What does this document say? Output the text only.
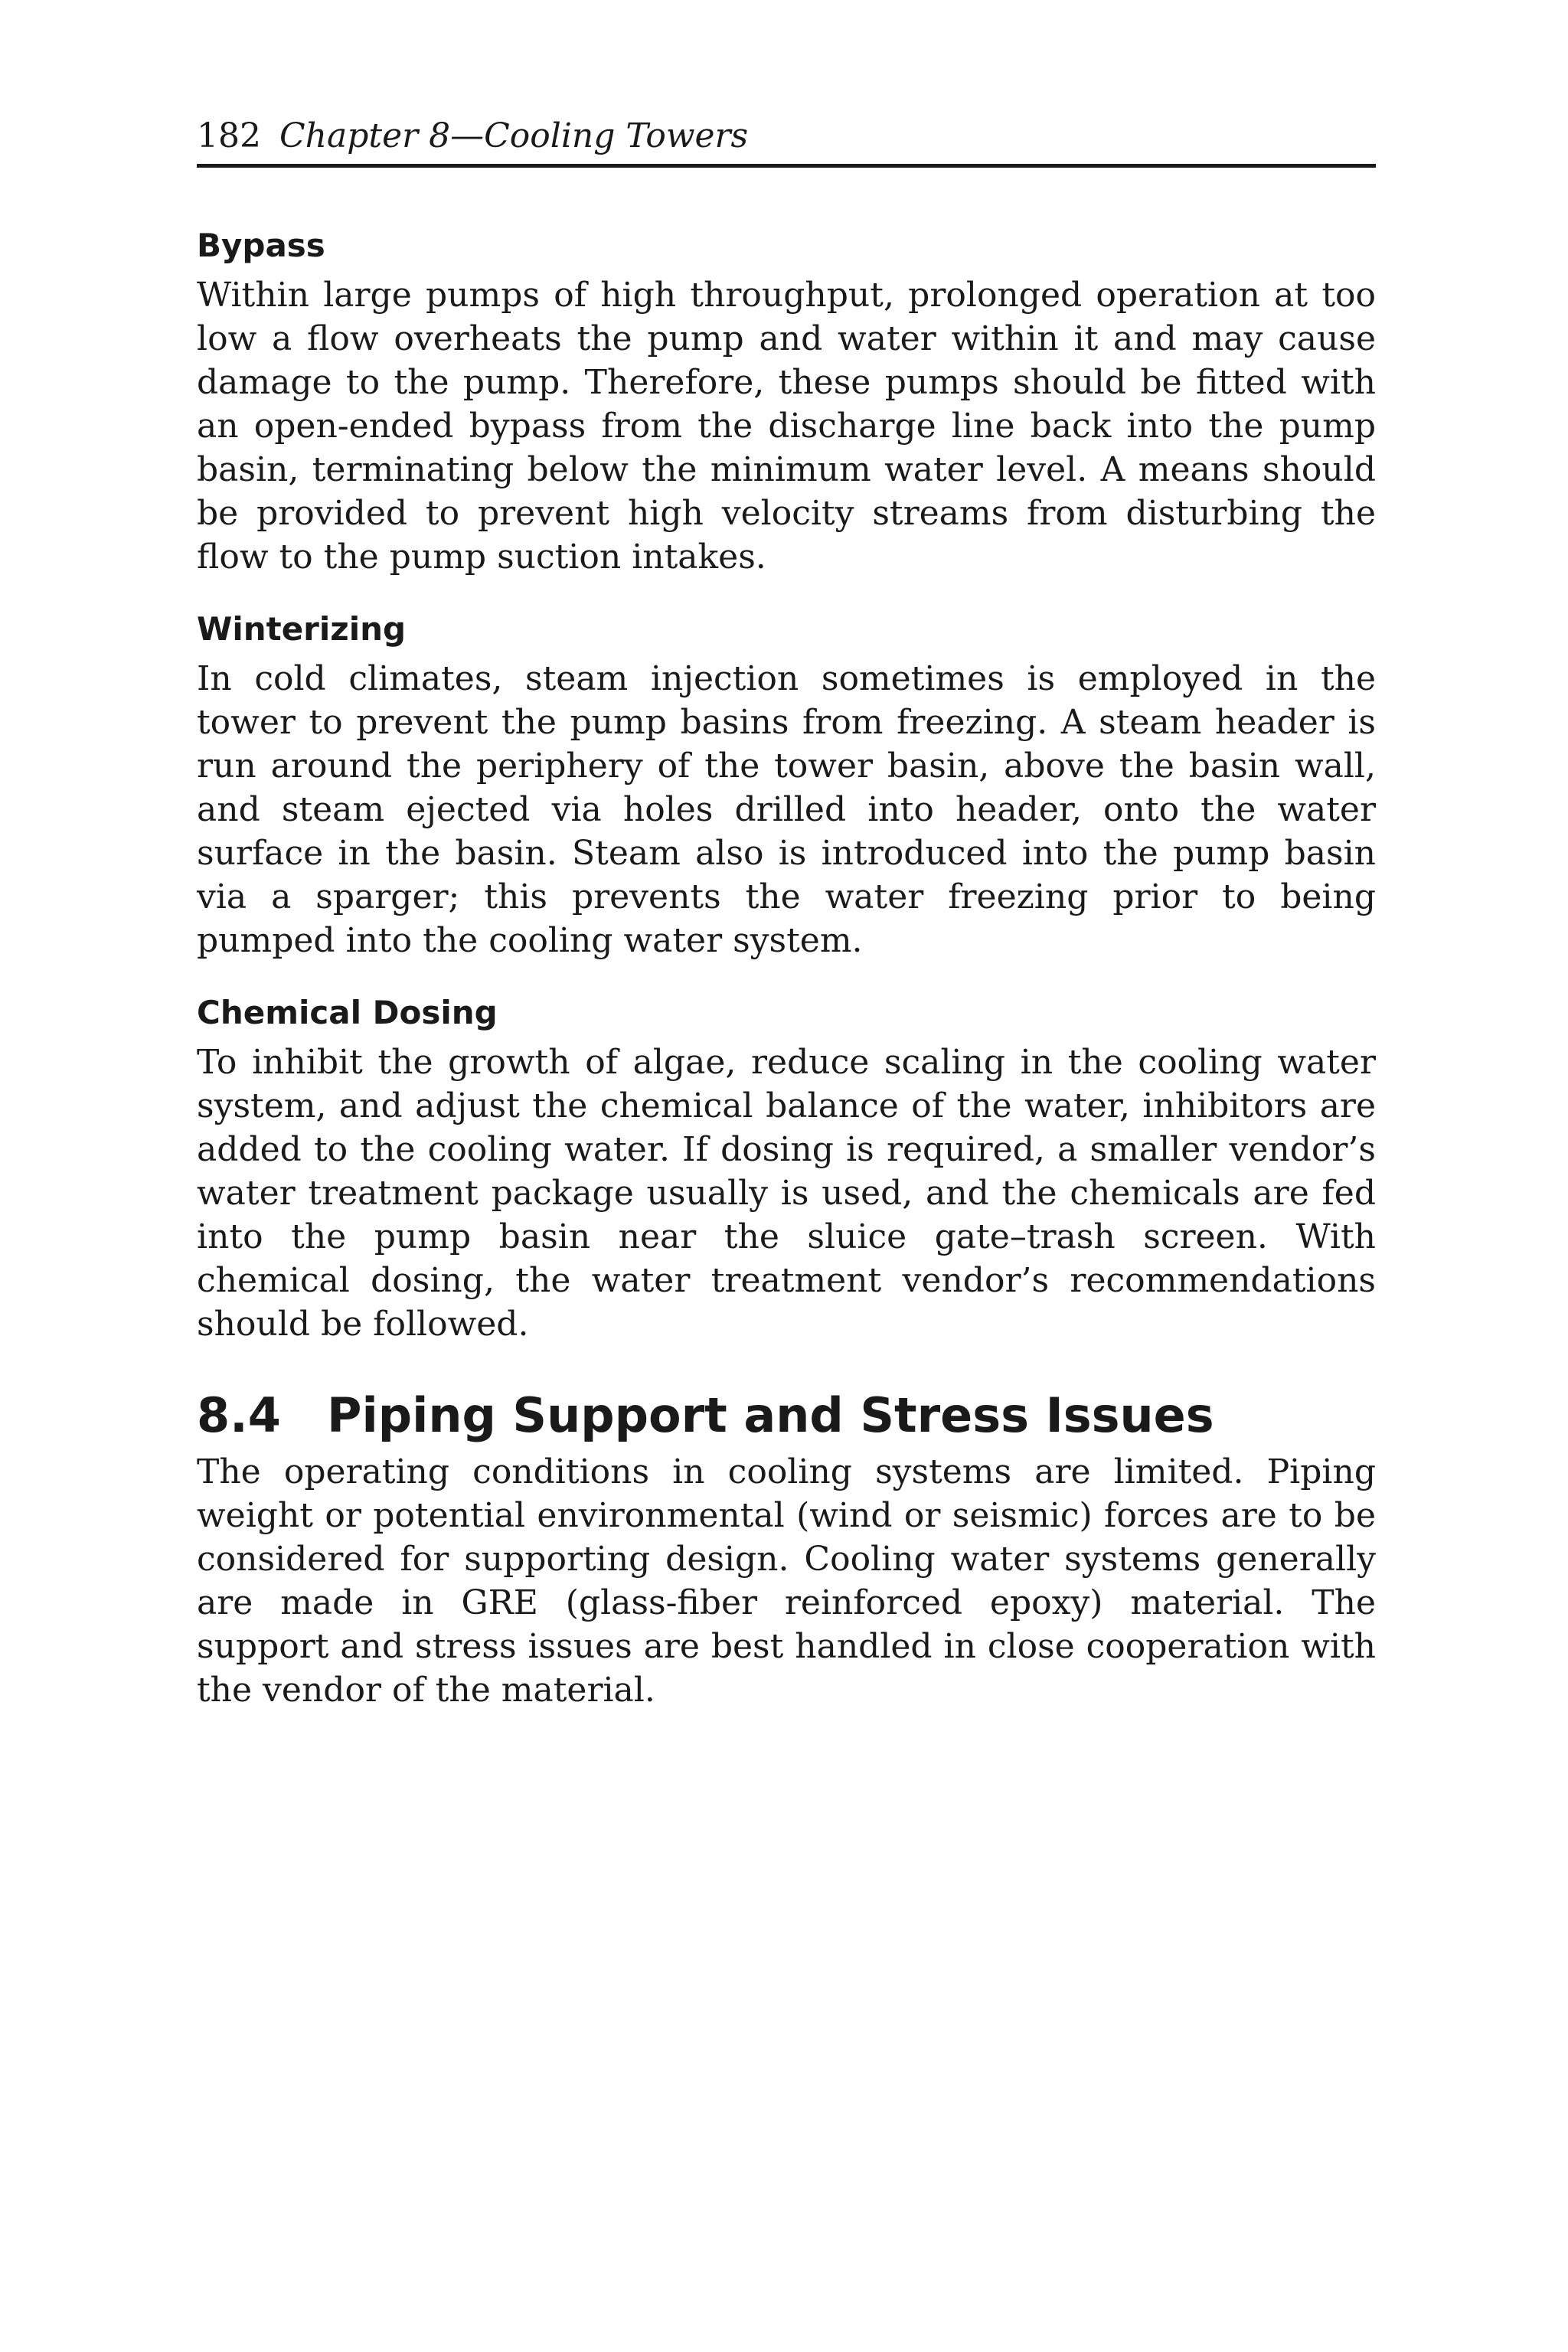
182 Chapter 8—Cooling Towers
Bypass

Within large pumps of high throughput, prolonged operation at too low a flow overheats the pump and water within it and may cause damage to the pump. Therefore, these pumps should be fitted with an open-ended bypass from the discharge line back into the pump basin, terminating below the minimum water level. A means should be provided to prevent high velocity streams from disturbing the flow to the pump suction intakes.

Winterizing

In cold climates, steam injection sometimes is employed in the tower to prevent the pump basins from freezing. A steam header is run around the periphery of the tower basin, above the basin wall, and steam ejected via holes drilled into header, onto the water surface in the basin. Steam also is introduced into the pump basin via a sparger; this prevents the water freezing prior to being pumped into the cooling water system.

Chemical Dosing

To inhibit the growth of algae, reduce scaling in the cooling water system, and adjust the chemical balance of the water, inhibitors are added to the cooling water. If dosing is required, a smaller vendor’s water treatment package usually is used, and the chemicals are fed into the pump basin near the sluice gate–trash screen. With chemical dosing, the water treatment vendor’s recommendations should be followed.

8.4 Piping Support and Stress Issues

The operating conditions in cooling systems are limited. Piping weight or potential environmental (wind or seismic) forces are to be considered for supporting design. Cooling water systems generally are made in GRE (glass-fiber reinforced epoxy) material. The support and stress issues are best handled in close cooperation with the vendor of the material.
